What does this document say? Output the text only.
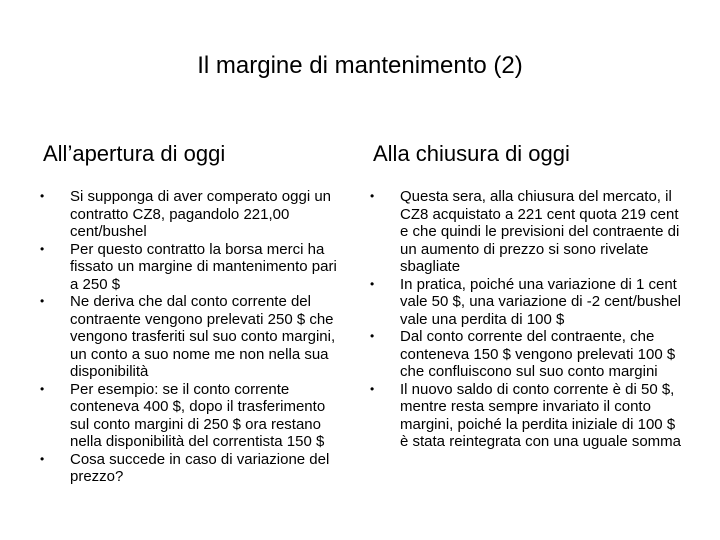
Il margine di mantenimento (2)
All’apertura di oggi
• Si supponga di aver comperato oggi un contratto CZ8, pagandolo 221,00 cent/bushel
• Per questo contratto la borsa merci ha fissato un margine di mantenimento pari a 250 $
• Ne deriva che dal conto corrente del contraente vengono prelevati 250 $ che vengono trasferiti sul suo conto margini, un conto a suo nome me non nella sua disponibilità
• Per esempio: se il conto corrente conteneva 400 $, dopo il trasferimento sul conto margini di 250 $ ora restano nella disponibilità del correntista 150 $
• Cosa succede in caso di variazione del prezzo?
Alla chiusura di oggi
• Questa sera, alla chiusura del mercato, il CZ8 acquistato a 221 cent quota 219 cent e che quindi le previsioni del contraente di un aumento di prezzo si sono rivelate sbagliate
• In pratica, poiché una variazione di 1 cent vale 50 $, una variazione di -2 cent/bushel vale una perdita di 100 $
• Dal conto corrente del contraente, che conteneva 150 $ vengono prelevati 100 $ che confluiscono sul suo conto margini
• Il nuovo saldo di conto corrente è di 50 $, mentre resta sempre invariato il conto margini, poiché la perdita iniziale di 100 $ è stata reintegrata con una uguale somma
